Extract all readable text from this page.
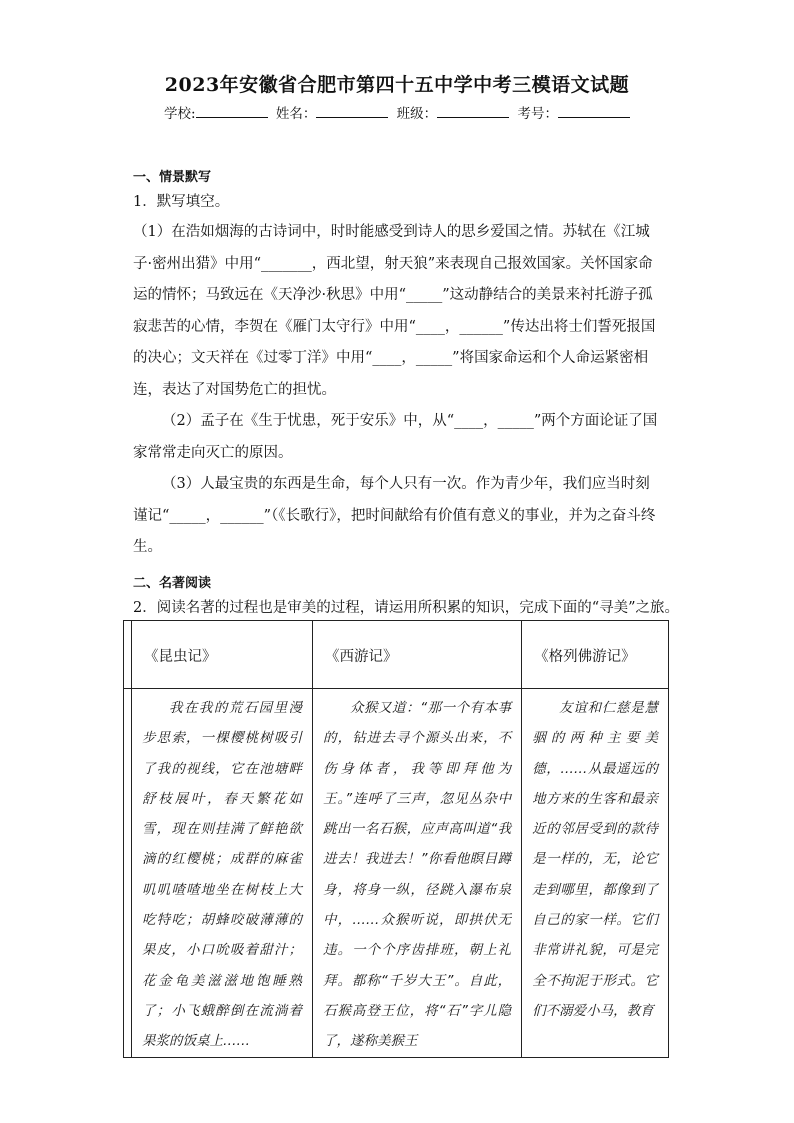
2023年安徽省合肥市第四十五中学中考三模语文试题
学校:	姓名：	班级：	考号：
一、情景默写
1．默写填空。
（1）在浩如烟海的古诗词中，时时能感受到诗人的思乡爱国之情。苏轼在《江城子·密州出猎》中用“_______，西北望，射天狼”来表现自己报效国家。关怀国家命运的情怀；马致远在《天净沙·秋思》中用“_____”这动静结合的美景来衬托游子孤寂悲苦的心情，李贺在《雁门太守行》中用“____，______”传达出将士们誓死报国的决心；文天祥在《过零丁洋》中用“____，_____”将国家命运和个人命运紧密相连，表达了对国势危亡的担忧。
（2）孟子在《生于忧患，死于安乐》中，从“____，_____”两个方面论证了国家常常走向灭亡的原因。
（3）人最宝贵的东西是生命，每个人只有一次。作为青少年，我们应当时刻谨记“_____，______”（《长歌行》，把时间献给有价值有意义的事业，并为之奋斗终生。
二、名著阅读
2．阅读名著的过程也是审美的过程，请运用所积累的知识，完成下面的“寻美”之旅。
	《昆虫记》	《西游记》	《格列佛游记》
	我在我的荒石园里漫步思索，一棵樱桃树吸引了我的视线，它在池塘畔舒枝展叶，春天繁花如雪，现在则挂满了鲜艳欲滴的红樱桃；成群的麻雀叽叽喳喳地坐在树枝上大吃特吃；胡蜂咬破薄薄的果皮，小口吮吸着甜汁；花金龟美滋滋地饱睡熟了；小飞蛾醉倒在流淌着果浆的饭桌上……	众猴又道：“那一个有本事的，钻进去寻个源头出来，不伤身体者，我等即拜他为王。”连呼了三声，忽见丛杂中跳出一名石猴，应声高叫道“我进去！我进去！”你看他瞑目蹲身，将身一纵，径跳入瀑布泉中，……众猴听说，即拱伏无违。一个个序齿排班，朝上礼拜。都称“千岁大王”。自此，石猴高登王位，将“石”字儿隐了，遂称美猴王	友谊和仁慈是慧骃的两种主要美德，……从最遥远的地方来的生客和最亲近的邻居受到的款待是一样的，无，论它走到哪里，都像到了自己的家一样。它们非常讲礼貌，可是完全不拘泥于形式。它们不溺爱小马，教育
